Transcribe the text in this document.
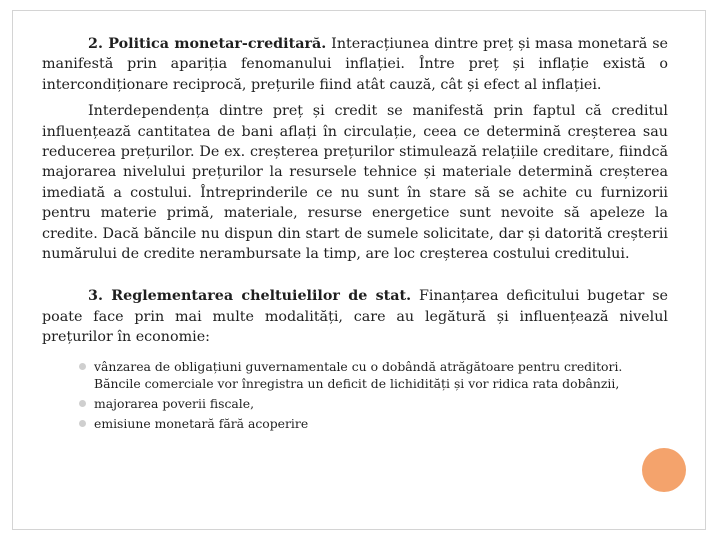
2. Politica monetar-creditară. Interacțiunea dintre preț și masa monetară se manifestă prin apariția fenomanului inflației. Între preț și inflație există o intercondiționare reciprocă, prețurile fiind atât cauză, cât și efect al inflației.

Interdependența dintre preț și credit se manifestă prin faptul că creditul influențează cantitatea de bani aflați în circulație, ceea ce determină creșterea sau reducerea prețurilor. De ex. creșterea prețurilor stimulează relațiile creditare, fiindcă majorarea nivelului prețurilor la resursele tehnice și materiale determină creșterea imediată a costului. Întreprinderile ce nu sunt în stare să se achite cu furnizorii pentru materie primă, materiale, resurse energetice sunt nevoite să apeleze la credite. Dacă băncile nu dispun din start de sumele solicitate, dar și datorită creșterii numărului de credite nerambursate la timp, are loc creșterea costului creditului.

3. Reglementarea cheltuielilor de stat. Finanțarea deficitului bugetar se poate face prin mai multe modalități, care au legătură și influențează nivelul prețurilor în economie:

vânzarea de obligațiuni guvernamentale cu o dobândă atrăgătoare pentru creditori. Băncile comerciale vor înregistra un deficit de lichidități și vor ridica rata dobânzii,
majorarea poverii fiscale,
emisiune monetară fără acoperire
